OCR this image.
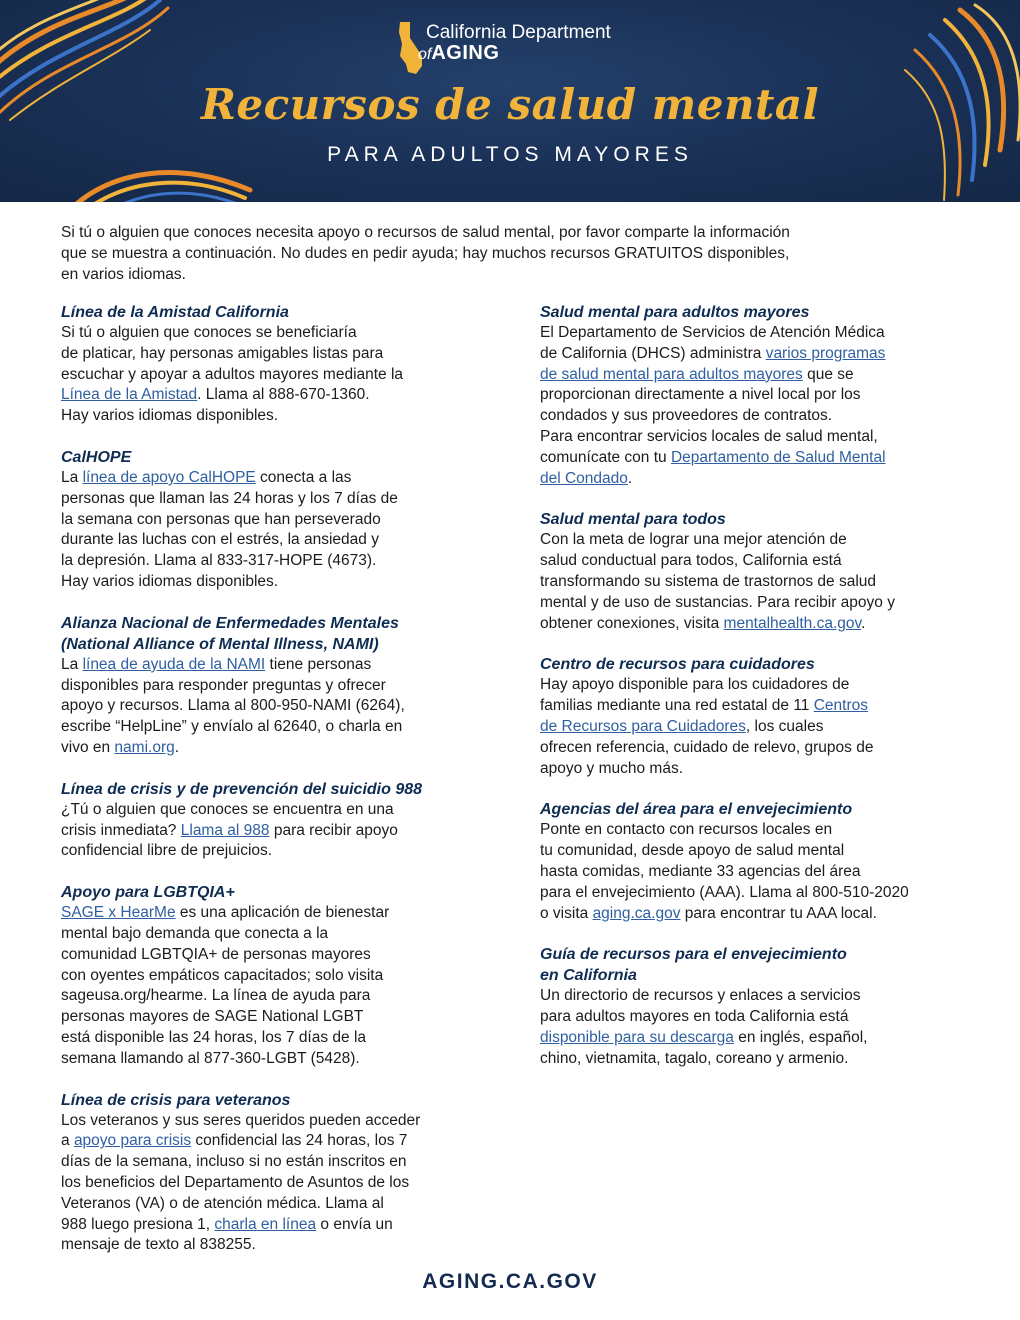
California Department
ofAGING
Recursos de salud mental
PARA ADULTOS MAYORES

Si tú o alguien que conoces necesita apoyo o recursos de salud mental, por favor comparte la información

que se muestra a continuación. No dudes en pedir ayuda; hay muchos recursos GRATUITOS disponibles,

en varios idiomas.

Línea de la Amistad California
Si tú o alguien que conoces se beneficiaría
de platicar, hay personas amigables listas para
escuchar y apoyar a adultos mayores mediante la
Línea de la Amistad. Llama al 888-670-1360.
Hay varios idiomas disponibles.
CalHOPE
La línea de apoyo CalHOPE conecta a las
personas que llaman las 24 horas y los 7 días de
la semana con personas que han perseverado
durante las luchas con el estrés, la ansiedad y
la depresión. Llama al 833-317-HOPE (4673).
Hay varios idiomas disponibles.
Alianza Nacional de Enfermedades Mentales
(National Alliance of Mental Illness, NAMI)
La línea de ayuda de la NAMI tiene personas
disponibles para responder preguntas y ofrecer
apoyo y recursos. Llama al 800-950-NAMI (6264),
escribe “HelpLine” y envíalo al 62640, o charla en
vivo en nami.org.
Línea de crisis y de prevención del suicidio 988
¿Tú o alguien que conoces se encuentra en una
crisis inmediata? Llama al 988 para recibir apoyo
confidencial libre de prejuicios.
Apoyo para LGBTQIA+
SAGE x HearMe es una aplicación de bienestar
mental bajo demanda que conecta a la
comunidad LGBTQIA+ de personas mayores
con oyentes empáticos capacitados; solo visita
sageusa.org/hearme. La línea de ayuda para
personas mayores de SAGE National LGBT
está disponible las 24 horas, los 7 días de la
semana llamando al 877-360-LGBT (5428).
Línea de crisis para veteranos
Los veteranos y sus seres queridos pueden acceder
a apoyo para crisis confidencial las 24 horas, los 7
días de la semana, incluso si no están inscritos en
los beneficios del Departamento de Asuntos de los
Veteranos (VA) o de atención médica. Llama al
988 luego presiona 1, charla en línea o envía un
mensaje de texto al 838255.
Salud mental para adultos mayores
El Departamento de Servicios de Atención Médica
de California (DHCS) administra varios programas
de salud mental para adultos mayores que se
proporcionan directamente a nivel local por los
condados y sus proveedores de contratos.
Para encontrar servicios locales de salud mental,
comunícate con tu Departamento de Salud Mental
del Condado.
Salud mental para todos
Con la meta de lograr una mejor atención de
salud conductual para todos, California está
transformando su sistema de trastornos de salud
mental y de uso de sustancias. Para recibir apoyo y
obtener conexiones, visita mentalhealth.ca.gov.
Centro de recursos para cuidadores
Hay apoyo disponible para los cuidadores de
familias mediante una red estatal de 11 Centros
de Recursos para Cuidadores, los cuales
ofrecen referencia, cuidado de relevo, grupos de
apoyo y mucho más.
Agencias del área para el envejecimiento
Ponte en contacto con recursos locales en
tu comunidad, desde apoyo de salud mental
hasta comidas, mediante 33 agencias del área
para el envejecimiento (AAA). Llama al 800-510-2020
o visita aging.ca.gov para encontrar tu AAA local.
Guía de recursos para el envejecimiento
en California
Un directorio de recursos y enlaces a servicios
para adultos mayores en toda California está
disponible para su descarga en inglés, español,
chino, vietnamita, tagalo, coreano y armenio.
AGING.CA.GOV
